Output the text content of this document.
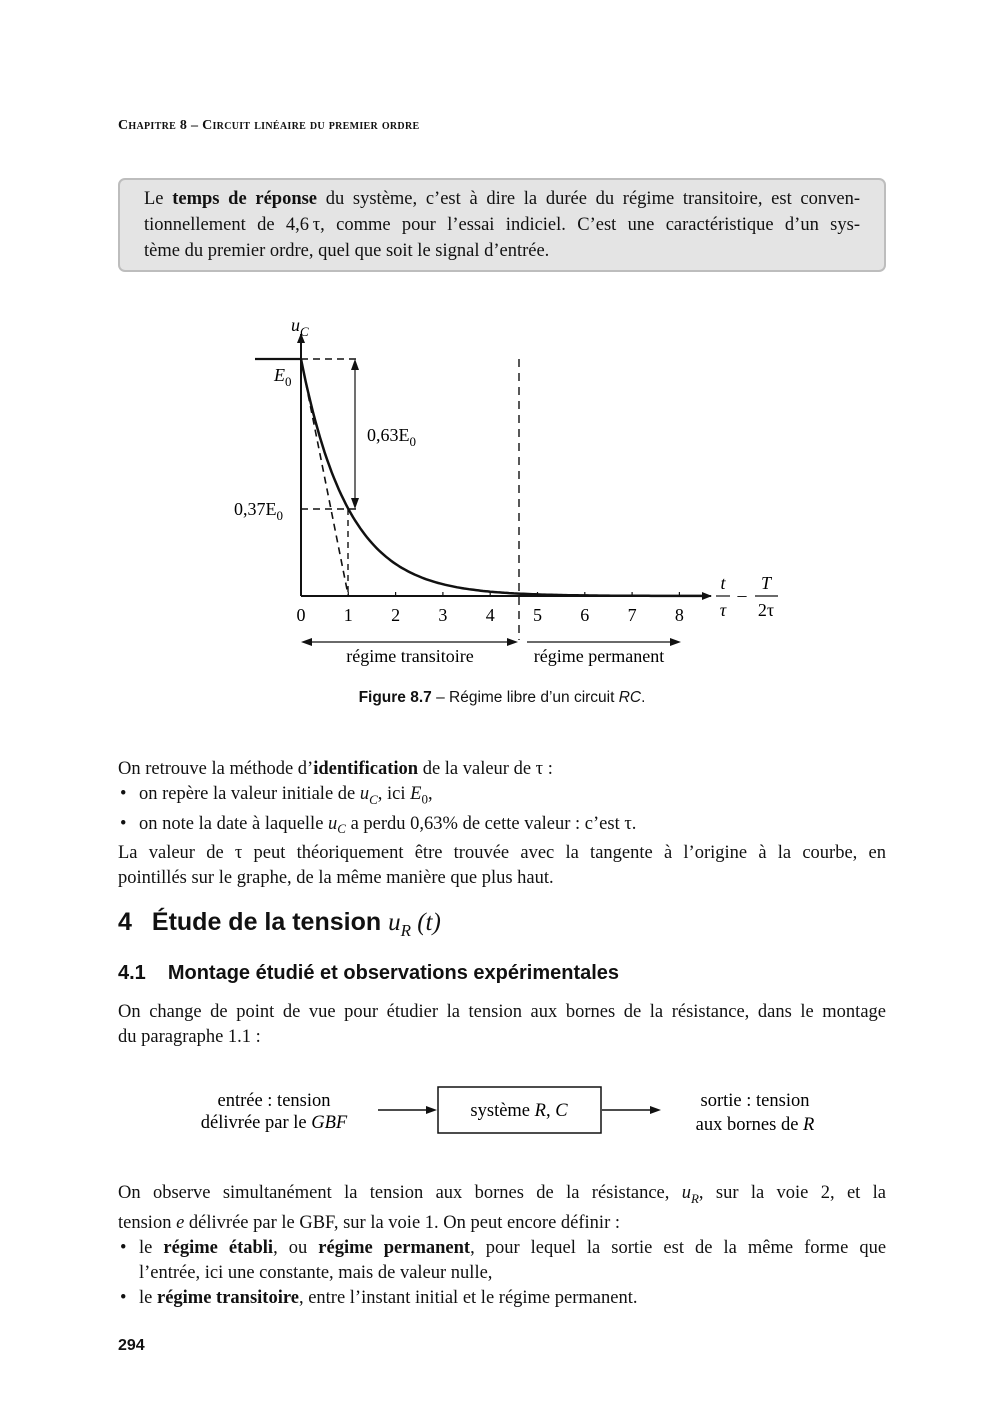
Chapitre 8 – Circuit linéaire du premier ordre
Le temps de réponse du système, c’est à dire la durée du régime transitoire, est conven-
tionnellement de 4,6 τ, comme pour l’essai indiciel. C’est une caractéristique d’un sys-
tème du premier ordre, quel que soit le signal d’entrée.
$u_C$
$E_0$
$0,63E_0$
$0,37E_0$
0 1 2 3 4 5 6 7 8
t
τ
–
T
2τ
régime transitoire	régime permanent
Figure 8.7 – Régime libre d’un circuit RC.
On retrouve la méthode d’identification de la valeur de τ :
• on repère la valeur initiale de $u_C$, ici $E_0$,
• on note la date à laquelle $u_C$ a perdu 0,63% de cette valeur : c’est τ.
La valeur de τ peut théoriquement être trouvée avec la tangente à l’origine à la courbe, en
pointillés sur le graphe, de la même manière que plus haut.
4 Étude de la tension $u_R$ (t)
4.1 Montage étudié et observations expérimentales
On change de point de vue pour étudier la tension aux bornes de la résistance, dans le montage
du paragraphe 1.1 :
entrée : tension
délivrée par le GBF
système R, C	sortie : tension
aux bornes de R
On observe simultanément la tension aux bornes de la résistance, $u_R$, sur la voie 2, et la
tension e délivrée par le GBF, sur la voie 1. On peut encore définir :
• le régime établi, ou régime permanent, pour lequel la sortie est de la même forme que
l’entrée, ici une constante, mais de valeur nulle,
• le régime transitoire, entre l’instant initial et le régime permanent.
294
